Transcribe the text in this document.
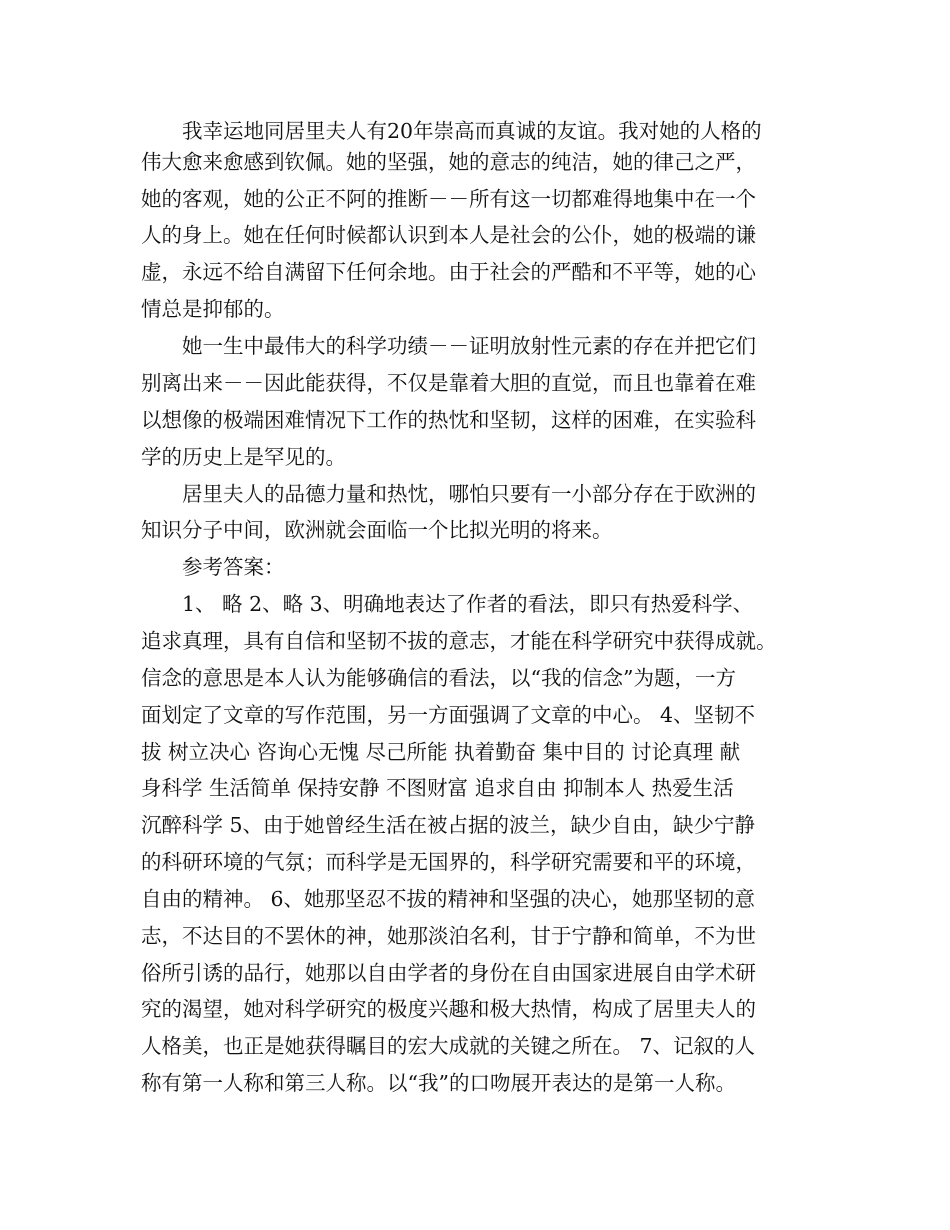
我幸运地同居里夫人有20年崇高而真诚的友谊。我对她的人格的
伟大愈来愈感到钦佩。她的坚强，她的意志的纯洁，她的律己之严，
她的客观，她的公正不阿的推断－－所有这一切都难得地集中在一个
人的身上。她在任何时候都认识到本人是社会的公仆，她的极端的谦
虚，永远不给自满留下任何余地。由于社会的严酷和不平等，她的心
情总是抑郁的。
她一生中最伟大的科学功绩－－证明放射性元素的存在并把它们
别离出来－－因此能获得，不仅是靠着大胆的直觉，而且也靠着在难
以想像的极端困难情况下工作的热忱和坚韧，这样的困难，在实验科
学的历史上是罕见的。
居里夫人的品德力量和热忱，哪怕只要有一小部分存在于欧洲的
知识分子中间，欧洲就会面临一个比拟光明的将来。
参考答案：
1、 略 2、略 3、明确地表达了作者的看法，即只有热爱科学、
追求真理，具有自信和坚韧不拔的意志，才能在科学研究中获得成就。
信念的意思是本人认为能够确信的看法，以“我的信念”为题，一方
面划定了文章的写作范围，另一方面强调了文章的中心。 4、坚韧不
拔 树立决心 咨询心无愧 尽己所能 执着勤奋 集中目的 讨论真理 献
身科学 生活简单 保持安静 不图财富 追求自由 抑制本人 热爱生活
沉醉科学 5、由于她曾经生活在被占据的波兰，缺少自由，缺少宁静
的科研环境的气氛；而科学是无国界的，科学研究需要和平的环境，
自由的精神。 6、她那坚忍不拔的精神和坚强的决心，她那坚韧的意
志，不达目的不罢休的神，她那淡泊名利，甘于宁静和简单，不为世
俗所引诱的品行，她那以自由学者的身份在自由国家进展自由学术研
究的渴望，她对科学研究的极度兴趣和极大热情，构成了居里夫人的
人格美，也正是她获得瞩目的宏大成就的关键之所在。 7、记叙的人
称有第一人称和第三人称。以“我”的口吻展开表达的是第一人称。
